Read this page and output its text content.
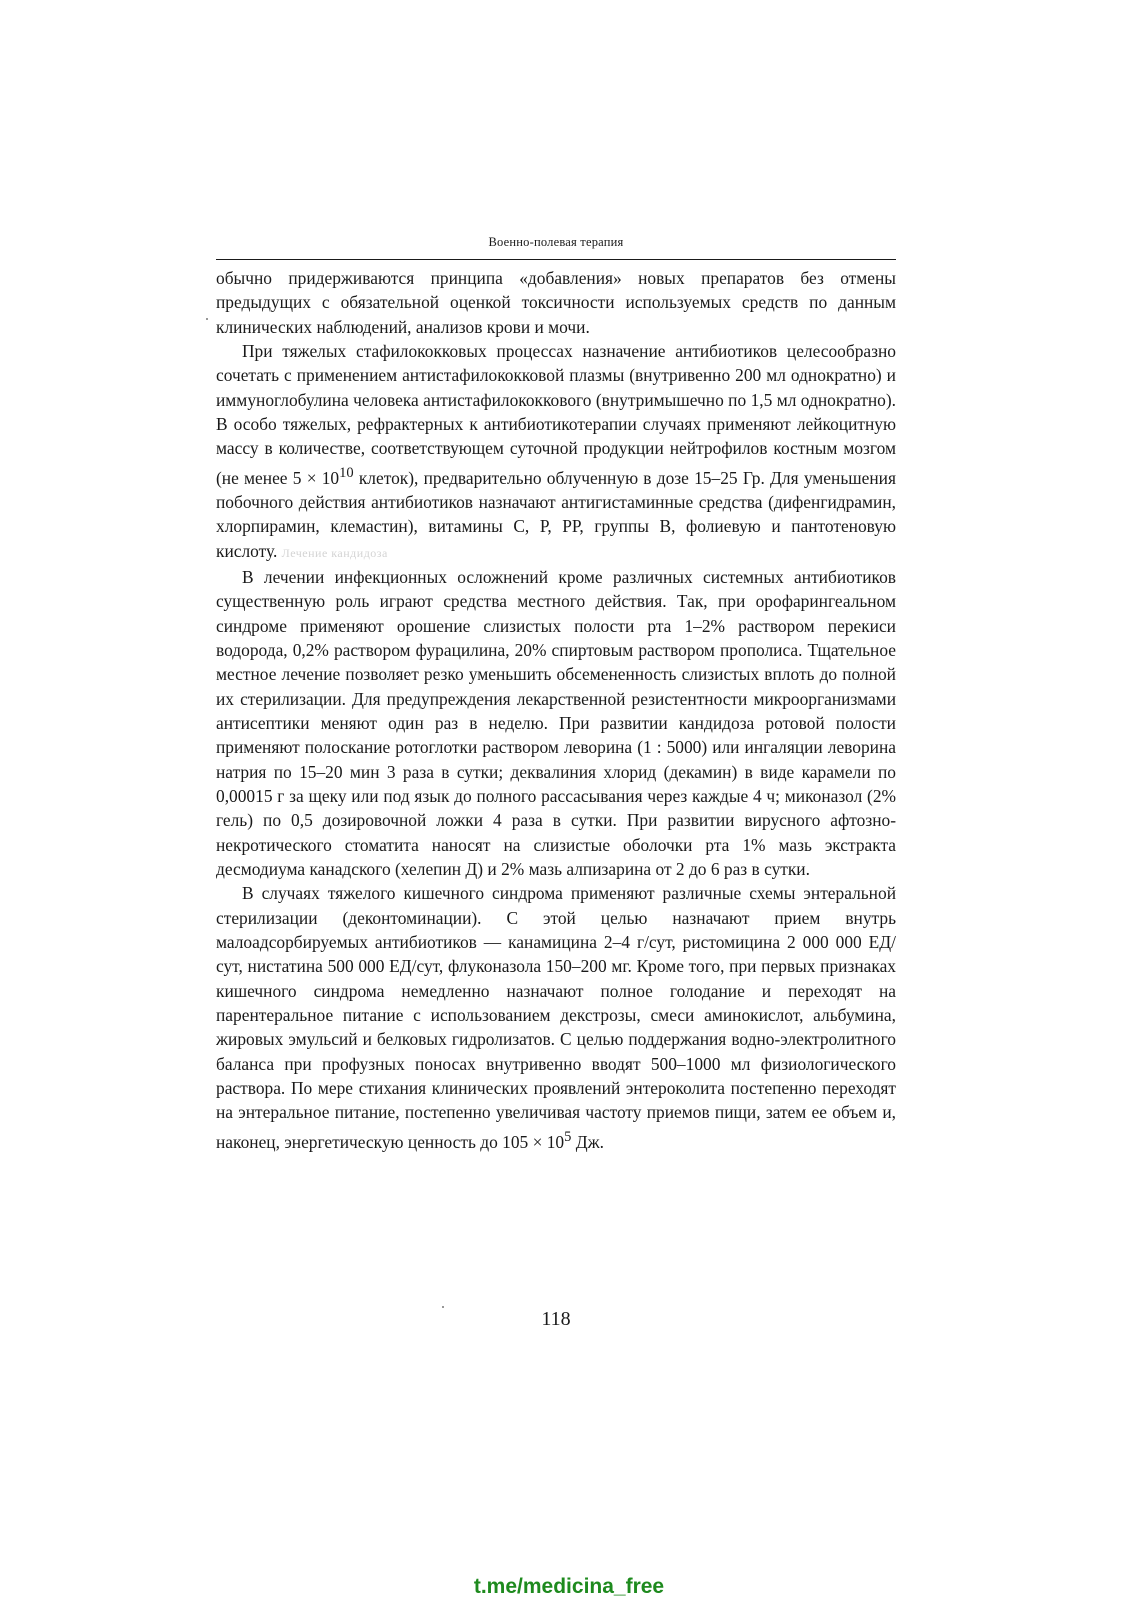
Военно-полевая терапия

обычно придерживаются принципа «добавления» новых препаратов без отмены предыдущих с обязательной оценкой токсичности используемых средств по данным клинических наблюдений, анализов крови и мочи.

При тяжелых стафилококковых процессах назначение антибиотиков целесообразно сочетать с применением антистафилококковой плазмы (внутривенно 200 мл однократно) и иммуноглобулина человека антистафилококкового (внутримышечно по 1,5 мл однократно). В особо тяжелых, рефрактерных к антибиотикотерапии случаях применяют лейкоцитную массу в количестве, соответствующем суточной продукции нейтрофилов костным мозгом (не менее $5 \times 10^{10}$ клеток), предварительно облученную в дозе 15–25 Гр. Для уменьшения побочного действия антибиотиков назначают антигистаминные средства (дифенгидрамин, хлорпирамин, клемастин), витамины С, Р, РР, группы В, фолиевую и пантотеновую кислоту. Лечение кандидоза

В лечении инфекционных осложнений кроме различных системных антибиотиков существенную роль играют средства местного действия. Так, при орофарингеальном синдроме применяют орошение слизистых полости рта 1–2% раствором перекиси водорода, 0,2% раствором фурацилина, 20% спиртовым раствором прополиса. Тщательное местное лечение позволяет резко уменьшить обсемененность слизистых вплоть до полной их стерилизации. Для предупреждения лекарственной резистентности микроорганизмами антисептики меняют один раз в неделю. При развитии кандидоза ротовой полости применяют полоскание ротоглотки раствором леворина (1 : 5000) или ингаляции леворина натрия по 15–20 мин 3 раза в сутки; деквалиния хлорид (декамин) в виде карамели по 0,00015 г за щеку или под язык до полного рассасывания через каждые 4 ч; миконазол (2% гель) по 0,5 дозировочной ложки 4 раза в сутки. При развитии вирусного афтозно-некротического стоматита наносят на слизистые оболочки рта 1% мазь экстракта десмодиума канадского (хелепин Д) и 2% мазь алпизарина от 2 до 6 раз в сутки.

В случаях тяжелого кишечного синдрома применяют различные схемы энтеральной стерилизации (деконтоминации). С этой целью назначают прием внутрь малоадсорбируемых антибиотиков — канамицина 2–4 г/сут, ристомицина 2 000 000 ЕД/сут, нистатина 500 000 ЕД/сут, флуконазола 150–200 мг. Кроме того, при первых признаках кишечного синдрома немедленно назначают полное голодание и переходят на парентеральное питание с использованием декстрозы, смеси аминокислот, альбумина, жировых эмульсий и белковых гидролизатов. С целью поддержания водно-электролитного баланса при профузных поносах внутривенно вводят 500–1000 мл физиологического раствора. По мере стихания клинических проявлений энтероколита постепенно переходят на энтеральное питание, постепенно увеличивая частоту приемов пищи, затем ее объем и, наконец, энергетическую ценность до $105 \times 10^5$ Дж.

118
t.me/medicina_free
